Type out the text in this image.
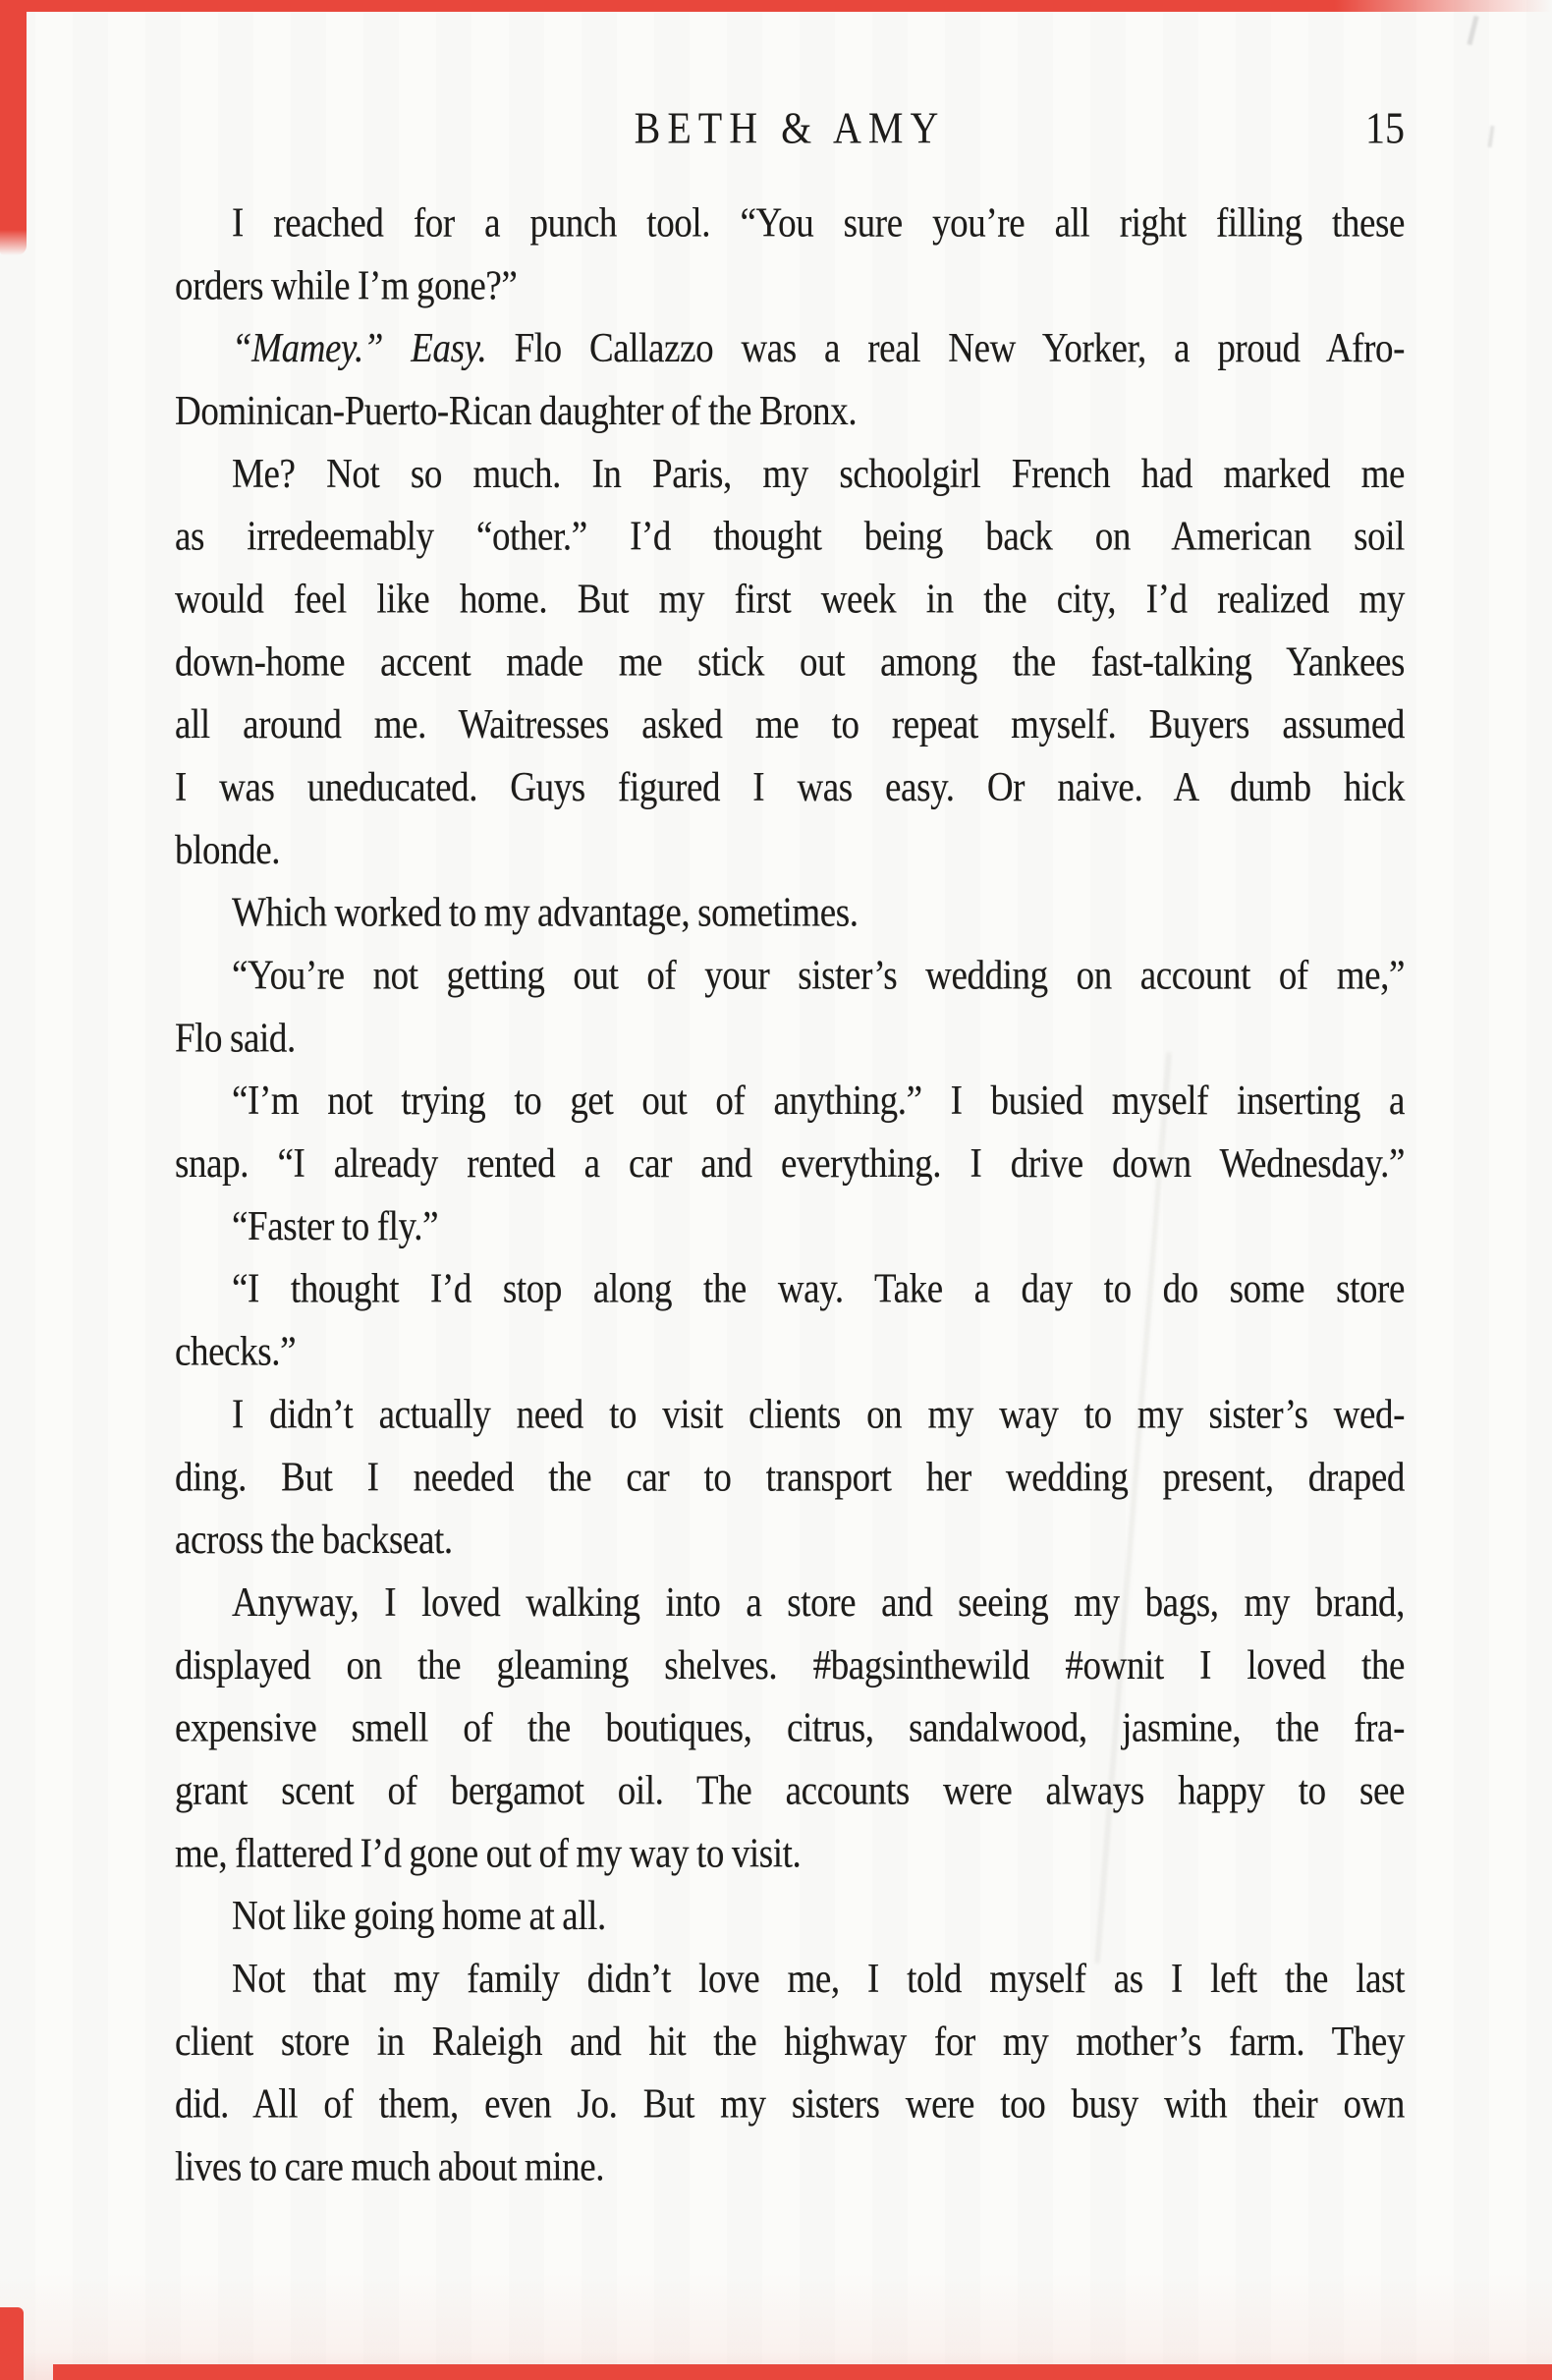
BETH & AMY	15
I reached for a punch tool. “You sure you’re all right filling these
orders while I’m gone?”
“Mamey.” Easy. Flo Callazzo was a real New Yorker, a proud Afro-
Dominican-Puerto-Rican daughter of the Bronx.
Me? Not so much. In Paris, my schoolgirl French had marked me
as irredeemably “other.” I’d thought being back on American soil
would feel like home. But my first week in the city, I’d realized my
down-home accent made me stick out among the fast-talking Yankees
all around me. Waitresses asked me to repeat myself. Buyers assumed
I was uneducated. Guys figured I was easy. Or naive. A dumb hick
blonde.
Which worked to my advantage, sometimes.
“You’re not getting out of your sister’s wedding on account of me,”
Flo said.
“I’m not trying to get out of anything.” I busied myself inserting a
snap. “I already rented a car and everything. I drive down Wednesday.”
“Faster to fly.”
“I thought I’d stop along the way. Take a day to do some store
checks.”
I didn’t actually need to visit clients on my way to my sister’s wed-
ding. But I needed the car to transport her wedding present, draped
across the backseat.
Anyway, I loved walking into a store and seeing my bags, my brand,
displayed on the gleaming shelves. #bagsinthewild #ownit I loved the
expensive smell of the boutiques, citrus, sandalwood, jasmine, the fra-
grant scent of bergamot oil. The accounts were always happy to see
me, flattered I’d gone out of my way to visit.
Not like going home at all.
Not that my family didn’t love me, I told myself as I left the last
client store in Raleigh and hit the highway for my mother’s farm. They
did. All of them, even Jo. But my sisters were too busy with their own
lives to care much about mine.
